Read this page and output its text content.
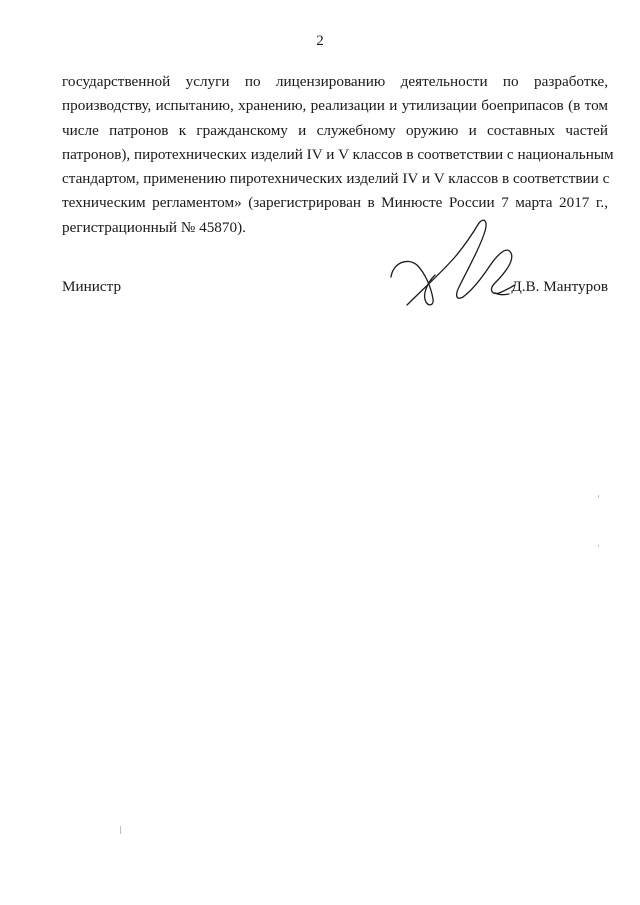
2
государственной услуги по лицензированию деятельности по разработке,
производству, испытанию, хранению, реализации и утилизации боеприпасов (в том
числе патронов к гражданскому и служебному оружию и составных частей
патронов), пиротехнических изделий IV и V классов в соответствии с национальным
стандартом, применению пиротехнических изделий IV и V классов в соответствии с
техническим регламентом» (зарегистрирован в Минюсте России 7 марта 2017 г.,
регистрационный № 45870).
Министр	Д.В. Мантуров
